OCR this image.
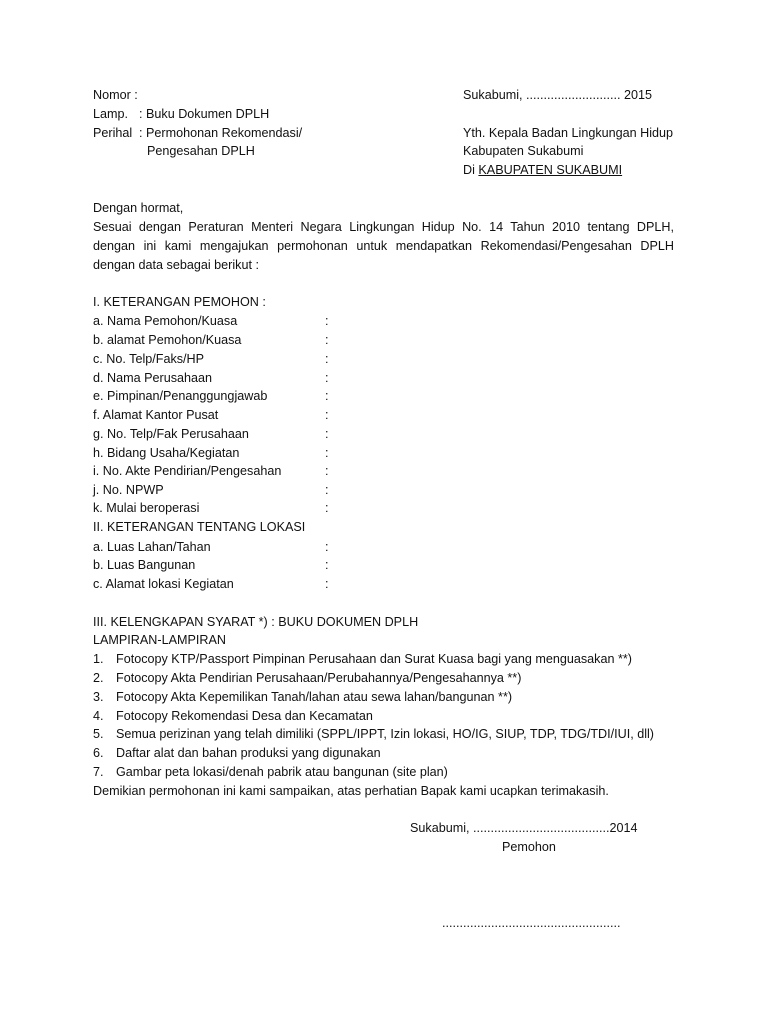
Nomor :
Lamp. : Buku Dokumen DPLH
Perihal : Permohonan Rekomendasi/
Pengesahan DPLH
Sukabumi, ........................... 2015
Yth. Kepala Badan Lingkungan Hidup
Kabupaten Sukabumi
Di KABUPATEN SUKABUMI
Dengan hormat,
Sesuai dengan Peraturan Menteri Negara Lingkungan Hidup No. 14 Tahun 2010 tentang DPLH,
dengan ini kami mengajukan permohonan untuk mendapatkan Rekomendasi/Pengesahan DPLH
dengan data sebagai berikut :
I. KETERANGAN PEMOHON :
a. Nama Pemohon/Kuasa	:
b. alamat Pemohon/Kuasa	:
c. No. Telp/Faks/HP	:
d. Nama Perusahaan	:
e. Pimpinan/Penanggungjawab	:
f. Alamat Kantor Pusat	:
g. No. Telp/Fak Perusahaan	:
h. Bidang Usaha/Kegiatan	:
i. No. Akte Pendirian/Pengesahan	:
j. No. NPWP	:
k. Mulai beroperasi	:
II. KETERANGAN TENTANG LOKASI
a. Luas Lahan/Tahan	:
b. Luas Bangunan	:
c. Alamat lokasi Kegiatan	:
III. KELENGKAPAN SYARAT *) : BUKU DOKUMEN DPLH
LAMPIRAN-LAMPIRAN
1. Fotocopy KTP/Passport Pimpinan Perusahaan dan Surat Kuasa bagi yang menguasakan **)
2. Fotocopy Akta Pendirian Perusahaan/Perubahannya/Pengesahannya **)
3. Fotocopy Akta Kepemilikan Tanah/lahan atau sewa lahan/bangunan **)
4. Fotocopy Rekomendasi Desa dan Kecamatan
5. Semua perizinan yang telah dimiliki (SPPL/IPPT, Izin lokasi, HO/IG, SIUP, TDP, TDG/TDI/IUI, dll)
6. Daftar alat dan bahan produksi yang digunakan
7. Gambar peta lokasi/denah pabrik atau bangunan (site plan)
Demikian permohonan ini kami sampaikan, atas perhatian Bapak kami ucapkan terimakasih.
Sukabumi, .......................................2014
Pemohon
...................................................
